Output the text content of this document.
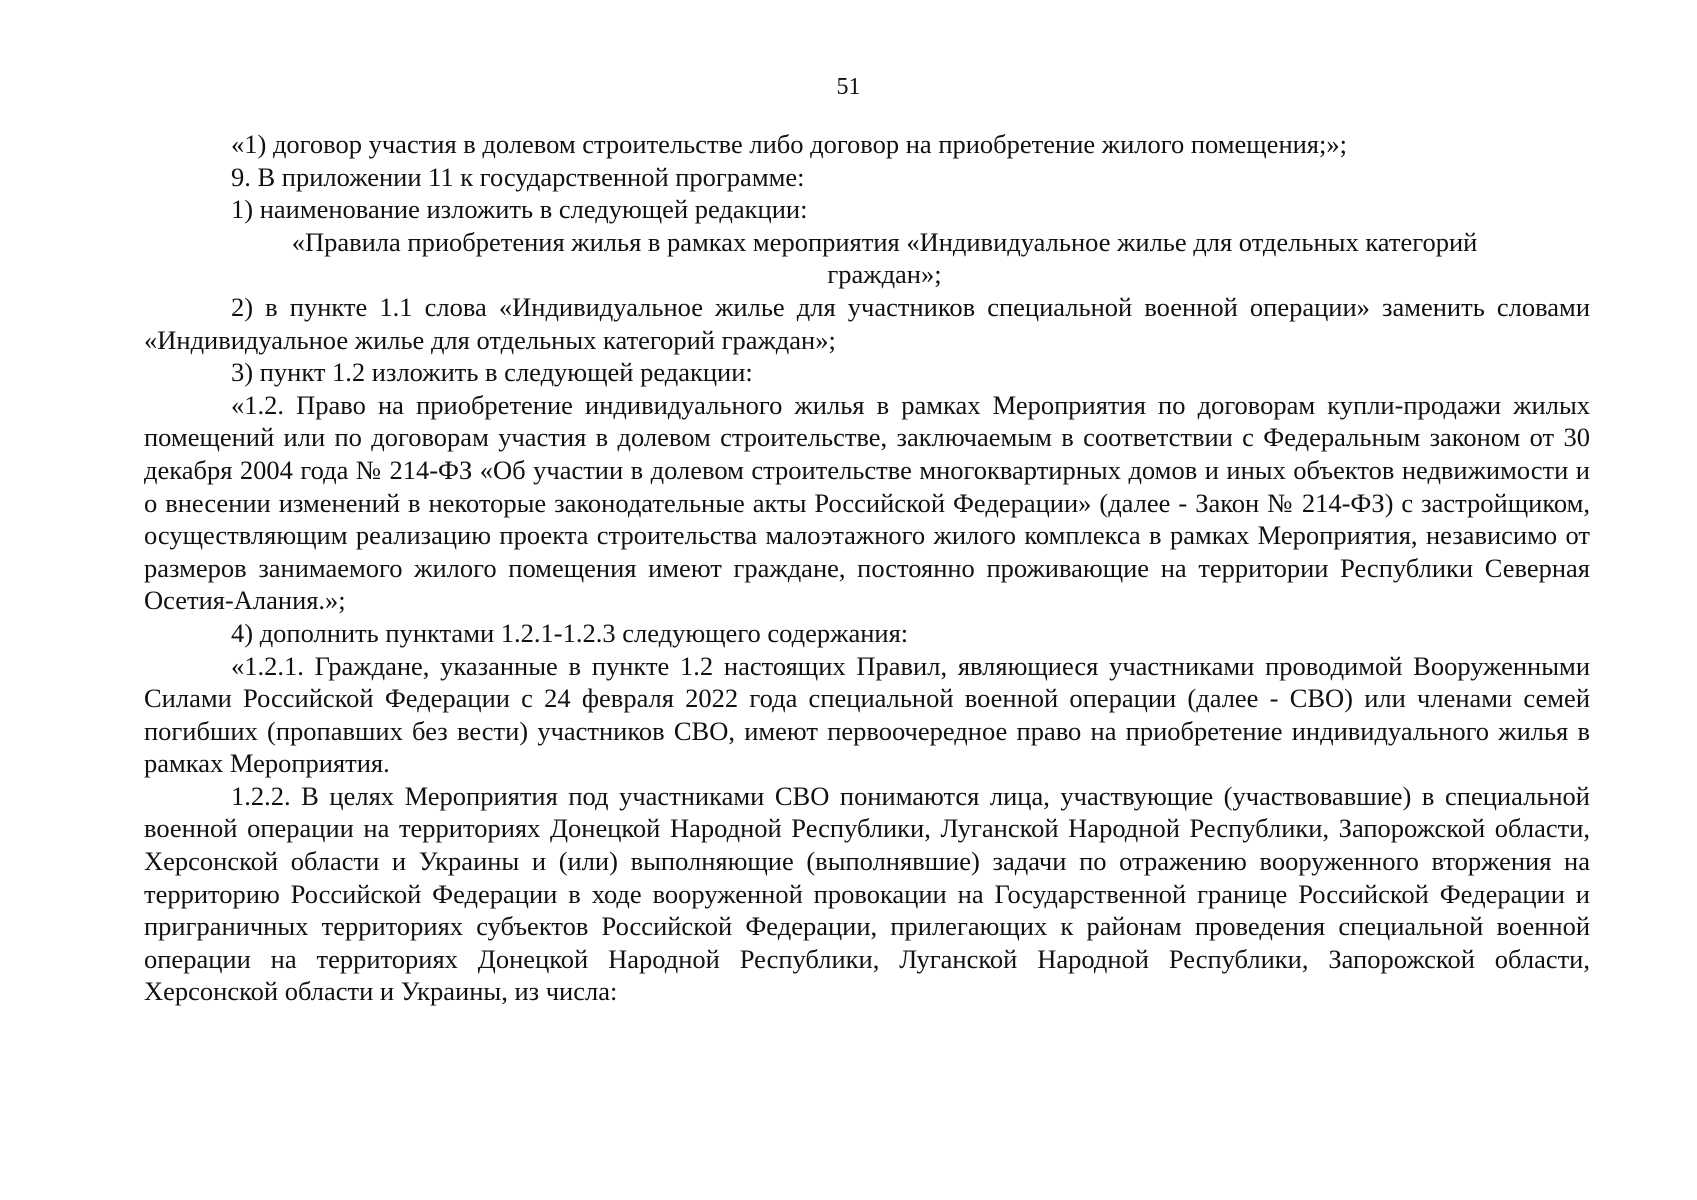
51

«1) договор участия в долевом строительстве либо договор на приобретение жилого помещения;»;

9. В приложении 11 к государственной программе:

1) наименование изложить в следующей редакции:

«Правила приобретения жилья в рамках мероприятия «Индивидуальное жилье для отдельных категорий граждан»;

2) в пункте 1.1 слова «Индивидуальное жилье для участников специальной военной операции» заменить словами «Индивидуальное жилье для отдельных категорий граждан»;

3) пункт 1.2 изложить в следующей редакции:

«1.2. Право на приобретение индивидуального жилья в рамках Мероприятия по договорам купли-продажи жилых помещений или по договорам участия в долевом строительстве, заключаемым в соответствии с Федеральным законом от 30 декабря 2004 года № 214-ФЗ «Об участии в долевом строительстве многоквартирных домов и иных объектов недвижимости и о внесении изменений в некоторые законодательные акты Российской Федерации» (далее - Закон № 214-ФЗ) с застройщиком, осуществляющим реализацию проекта строительства малоэтажного жилого комплекса в рамках Мероприятия, независимо от размеров занимаемого жилого помещения имеют граждане, постоянно проживающие на территории Республики Северная Осетия-Алания.»;

4) дополнить пунктами 1.2.1-1.2.3 следующего содержания:

«1.2.1. Граждане, указанные в пункте 1.2 настоящих Правил, являющиеся участниками проводимой Вооруженными Силами Российской Федерации с 24 февраля 2022 года специальной военной операции (далее - СВО) или членами семей погибших (пропавших без вести) участников СВО, имеют первоочередное право на приобретение индивидуального жилья в рамках Мероприятия.

1.2.2. В целях Мероприятия под участниками СВО понимаются лица, участвующие (участвовавшие) в специальной военной операции на территориях Донецкой Народной Республики, Луганской Народной Республики, Запорожской области, Херсонской области и Украины и (или) выполняющие (выполнявшие) задачи по отражению вооруженного вторжения на территорию Российской Федерации в ходе вооруженной провокации на Государственной границе Российской Федерации и приграничных территориях субъектов Российской Федерации, прилегающих к районам проведения специальной военной операции на территориях Донецкой Народной Республики, Луганской Народной Республики, Запорожской области, Херсонской области и Украины, из числа:
